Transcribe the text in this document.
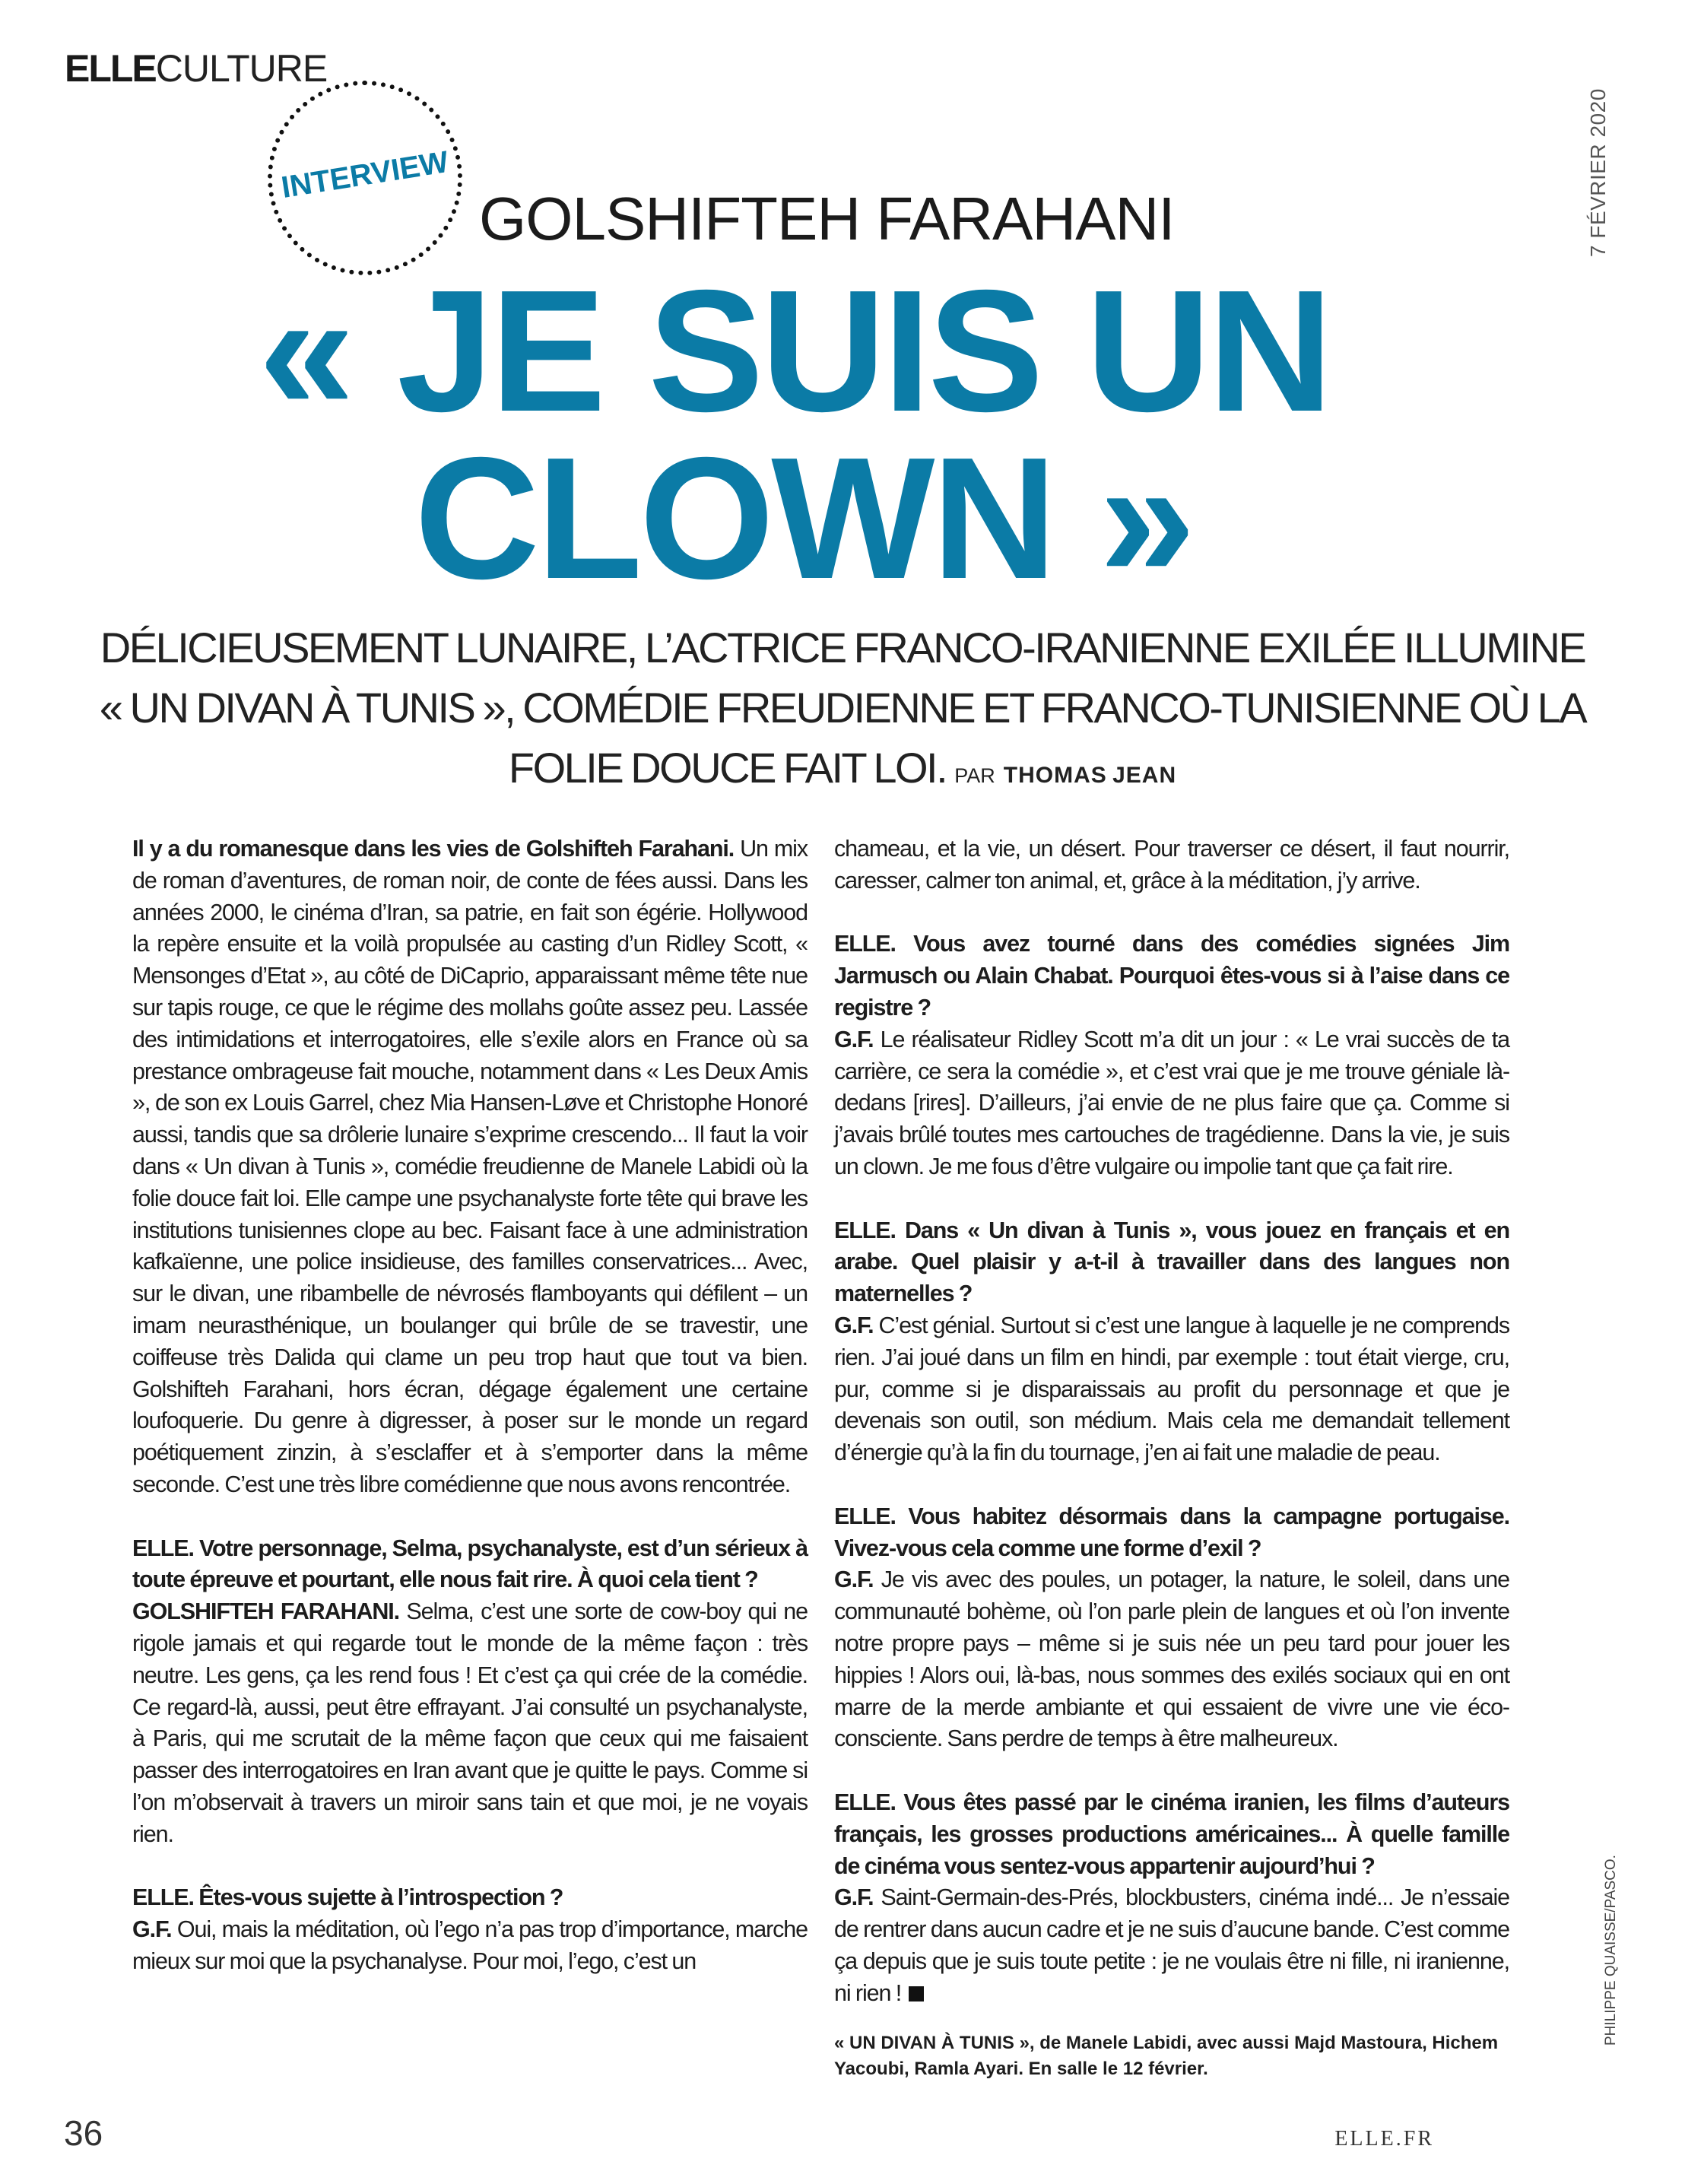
ELLECULTURE
INTERVIEW
GOLSHIFTEH FARAHANI
« JE SUIS UN
CLOWN »
7 FÉVRIER 2020
DÉLICIEUSEMENT LUNAIRE, L’ACTRICE FRANCO-IRANIENNE EXILÉE ILLUMINE « UN DIVAN À TUNIS », COMÉDIE FREUDIENNE ET FRANCO-TUNISIENNE OÙ LA FOLIE DOUCE FAIT LOI. PAR THOMAS JEAN

Il y a du romanesque dans les vies de Golshifteh Farahani. Un mix de roman d’aventures, de roman noir, de conte de fées aussi. Dans les années 2000, le cinéma d’Iran, sa patrie, en fait son égérie. Hollywood la repère ensuite et la voilà propulsée au casting d’un Ridley Scott, « Mensonges d’Etat », au côté de DiCaprio, apparaissant même tête nue sur tapis rouge, ce que le régime des mollahs goûte assez peu. Lassée des intimidations et interrogatoires, elle s’exile alors en France où sa prestance ombrageuse fait mouche, notamment dans « Les Deux Amis », de son ex Louis Garrel, chez Mia Hansen-Løve et Christophe Honoré aussi, tandis que sa drôlerie lunaire s’exprime crescendo... Il faut la voir dans « Un divan à Tunis », comédie freudienne de Manele Labidi où la folie douce fait loi. Elle campe une psychanalyste forte tête qui brave les institutions tunisiennes clope au bec. Faisant face à une administration kafkaïenne, une police insidieuse, des familles conservatrices... Avec, sur le divan, une ribambelle de névrosés flamboyants qui défilent – un imam neurasthénique, un boulanger qui brûle de se travestir, une coiffeuse très Dalida qui clame un peu trop haut que tout va bien. Golshifteh Farahani, hors écran, dégage également une certaine loufoquerie. Du genre à digresser, à poser sur le monde un regard poétiquement zinzin, à s’esclaffer et à s’emporter dans la même seconde. C’est une très libre comédienne que nous avons rencontrée.

ELLE. Votre personnage, Selma, psychanalyste, est d’un sérieux à toute épreuve et pourtant, elle nous fait rire. À quoi cela tient ?
GOLSHIFTEH FARAHANI. Selma, c’est une sorte de cow-boy qui ne rigole jamais et qui regarde tout le monde de la même façon : très neutre. Les gens, ça les rend fous ! Et c’est ça qui crée de la comédie. Ce regard-là, aussi, peut être effrayant. J’ai consulté un psychanalyste, à Paris, qui me scrutait de la même façon que ceux qui me faisaient passer des interrogatoires en Iran avant que je quitte le pays. Comme si l’on m’observait à travers un miroir sans tain et que moi, je ne voyais rien.

ELLE. Êtes-vous sujette à l’introspection ?
G.F. Oui, mais la méditation, où l’ego n’a pas trop d’importance, marche mieux sur moi que la psychanalyse. Pour moi, l’ego, c’est un

chameau, et la vie, un désert. Pour traverser ce désert, il faut nourrir, caresser, calmer ton animal, et, grâce à la méditation, j’y arrive.

ELLE. Vous avez tourné dans des comédies signées Jim Jarmusch ou Alain Chabat. Pourquoi êtes-vous si à l’aise dans ce registre ?
G.F. Le réalisateur Ridley Scott m’a dit un jour : « Le vrai succès de ta carrière, ce sera la comédie », et c’est vrai que je me trouve géniale là-dedans [rires]. D’ailleurs, j’ai envie de ne plus faire que ça. Comme si j’avais brûlé toutes mes cartouches de tragédienne. Dans la vie, je suis un clown. Je me fous d’être vulgaire ou impolie tant que ça fait rire.

ELLE. Dans « Un divan à Tunis », vous jouez en français et en arabe. Quel plaisir y a-t-il à travailler dans des langues non maternelles ?
G.F. C’est génial. Surtout si c’est une langue à laquelle je ne comprends rien. J’ai joué dans un film en hindi, par exemple : tout était vierge, cru, pur, comme si je disparaissais au profit du personnage et que je devenais son outil, son médium. Mais cela me demandait tellement d’énergie qu’à la fin du tournage, j’en ai fait une maladie de peau.

ELLE. Vous habitez désormais dans la campagne portugaise. Vivez-vous cela comme une forme d’exil ?
G.F. Je vis avec des poules, un potager, la nature, le soleil, dans une communauté bohème, où l’on parle plein de langues et où l’on invente notre propre pays – même si je suis née un peu tard pour jouer les hippies ! Alors oui, là-bas, nous sommes des exilés sociaux qui en ont marre de la merde ambiante et qui essaient de vivre une vie éco-consciente. Sans perdre de temps à être malheureux.

ELLE. Vous êtes passé par le cinéma iranien, les films d’auteurs français, les grosses productions américaines... À quelle famille de cinéma vous sentez-vous appartenir aujourd’hui ?
G.F. Saint-Germain-des-Prés, blockbusters, cinéma indé... Je n’essaie de rentrer dans aucun cadre et je ne suis d’aucune bande. C’est comme ça depuis que je suis toute petite : je ne voulais être ni fille, ni iranienne, ni rien !

« UN DIVAN À TUNIS », de Manele Labidi, avec aussi Majd Mastoura, Hichem Yacoubi, Ramla Ayari. En salle le 12 février.

PHILIPPE QUAISSE/PASCO.
36	ELLE.FR
